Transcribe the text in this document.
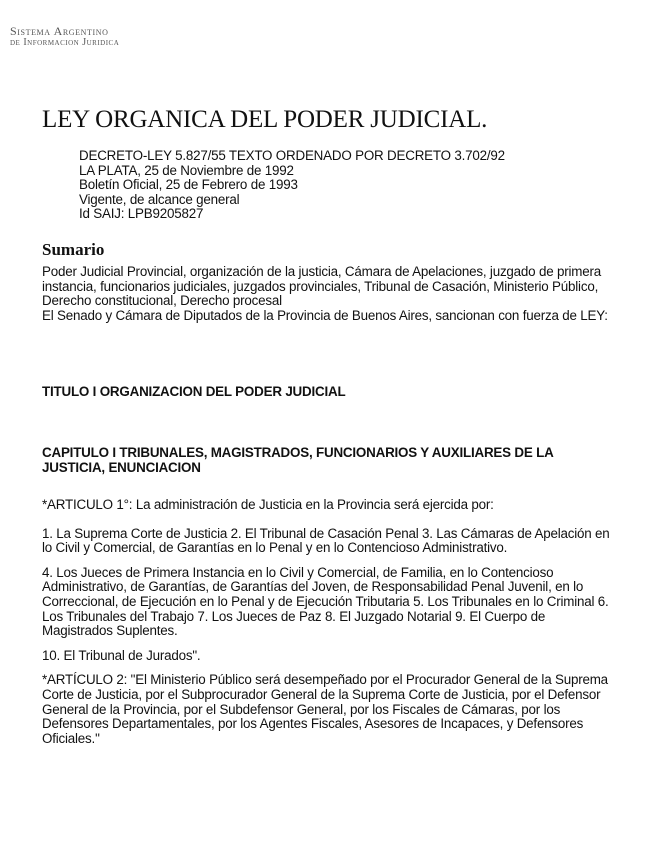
Sistema Argentino
de Informacion Juridica
LEY ORGANICA DEL PODER JUDICIAL.
DECRETO-LEY 5.827/55 TEXTO ORDENADO POR DECRETO 3.702/92
LA PLATA, 25 de Noviembre de 1992
Boletín Oficial, 25 de Febrero de 1993
Vigente, de alcance general
Id SAIJ: LPB9205827
Sumario

Poder Judicial Provincial, organización de la justicia, Cámara de Apelaciones, juzgado de primera instancia, funcionarios judiciales, juzgados provinciales, Tribunal de Casación, Ministerio Público, Derecho constitucional, Derecho procesal

El Senado y Cámara de Diputados de la Provincia de Buenos Aires, sancionan con fuerza de LEY:

TITULO I ORGANIZACION DEL PODER JUDICIAL
CAPITULO I TRIBUNALES, MAGISTRADOS, FUNCIONARIOS Y AUXILIARES DE LA JUSTICIA, ENUNCIACION

*ARTICULO 1°: La administración de Justicia en la Provincia será ejercida por:

1. La Suprema Corte de Justicia 2. El Tribunal de Casación Penal 3. Las Cámaras de Apelación en lo Civil y Comercial, de Garantías en lo Penal y en lo Contencioso Administrativo.

4. Los Jueces de Primera Instancia en lo Civil y Comercial, de Familia, en lo Contencioso Administrativo, de Garantías, de Garantías del Joven, de Responsabilidad Penal Juvenil, en lo Correccional, de Ejecución en lo Penal y de Ejecución Tributaria 5. Los Tribunales en lo Criminal 6. Los Tribunales del Trabajo 7. Los Jueces de Paz 8. El Juzgado Notarial 9. El Cuerpo de Magistrados Suplentes.

10. El Tribunal de Jurados".

*ARTÍCULO 2: "El Ministerio Público será desempeñado por el Procurador General de la Suprema Corte de Justicia, por el Subprocurador General de la Suprema Corte de Justicia, por el Defensor General de la Provincia, por el Subdefensor General, por los Fiscales de Cámaras, por los Defensores Departamentales, por los Agentes Fiscales, Asesores de Incapaces, y Defensores Oficiales."
